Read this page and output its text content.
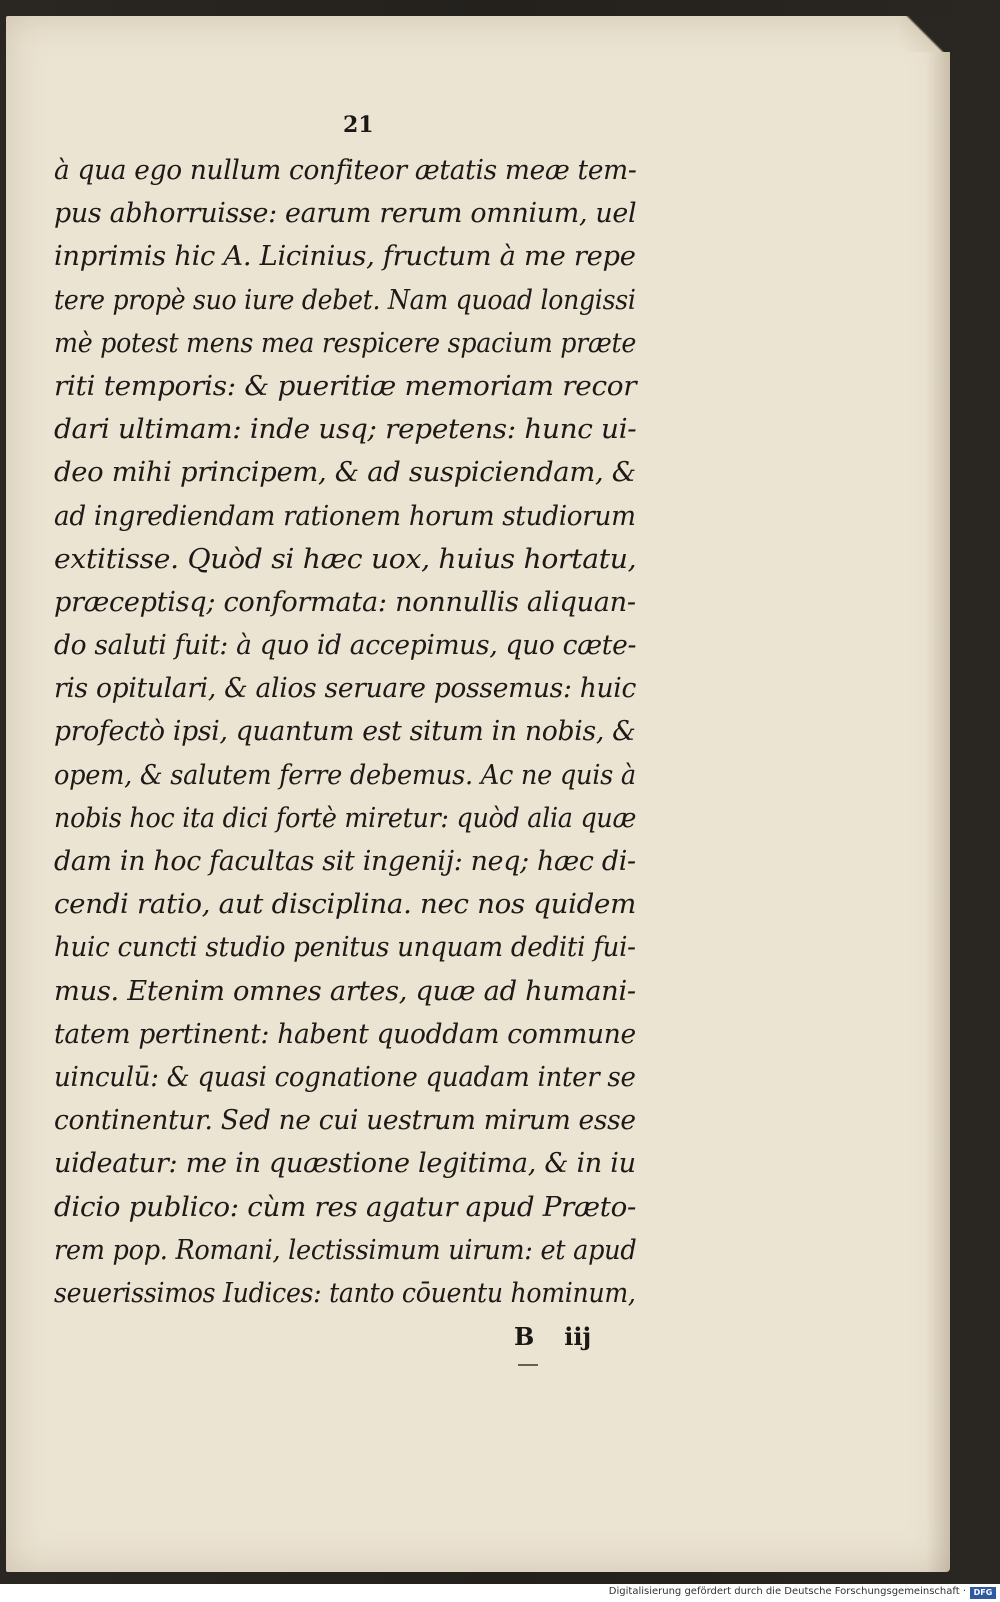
21
à qua ego nullum confiteor ætatis meæ tem-
pus abhorruisse: earum rerum omnium, uel
inprimis hic A. Licinius, fructum à me repe
tere propè suo iure debet. Nam quoad longissi
mè potest mens mea respicere spacium præte
riti temporis: & pueritiæ memoriam recor
dari ultimam: inde usq; repetens: hunc ui-
deo mihi principem, & ad suspiciendam, &
ad ingrediendam rationem horum studiorum
extitisse. Quòd si hæc uox, huius hortatu,
præceptisq; conformata: nonnullis aliquan-
do saluti fuit: à quo id accepimus, quo cæte-
ris opitulari, & alios seruare possemus: huic
profectò ipsi, quantum est situm in nobis, &
opem, & salutem ferre debemus. Ac ne quis à
nobis hoc ita dici fortè miretur: quòd alia quæ
dam in hoc facultas sit ingenij: neq; hæc di-
cendi ratio, aut disciplina. nec nos quidem
huic cuncti studio penitus unquam dediti fui-
mus. Etenim omnes artes, quæ ad humani-
tatem pertinent: habent quoddam commune
uinculū: & quasi cognatione quadam inter se
continentur. Sed ne cui uestrum mirum esse
uideatur: me in quæstione legitima, & in iu
dicio publico: cùm res agatur apud Præto-
rem pop. Romani, lectissimum uirum: et apud
seuerissimos Iudices: tanto cōuentu hominum,
B iij
Digitalisierung gefördert durch die Deutsche Forschungsgemeinschaft · DFG
